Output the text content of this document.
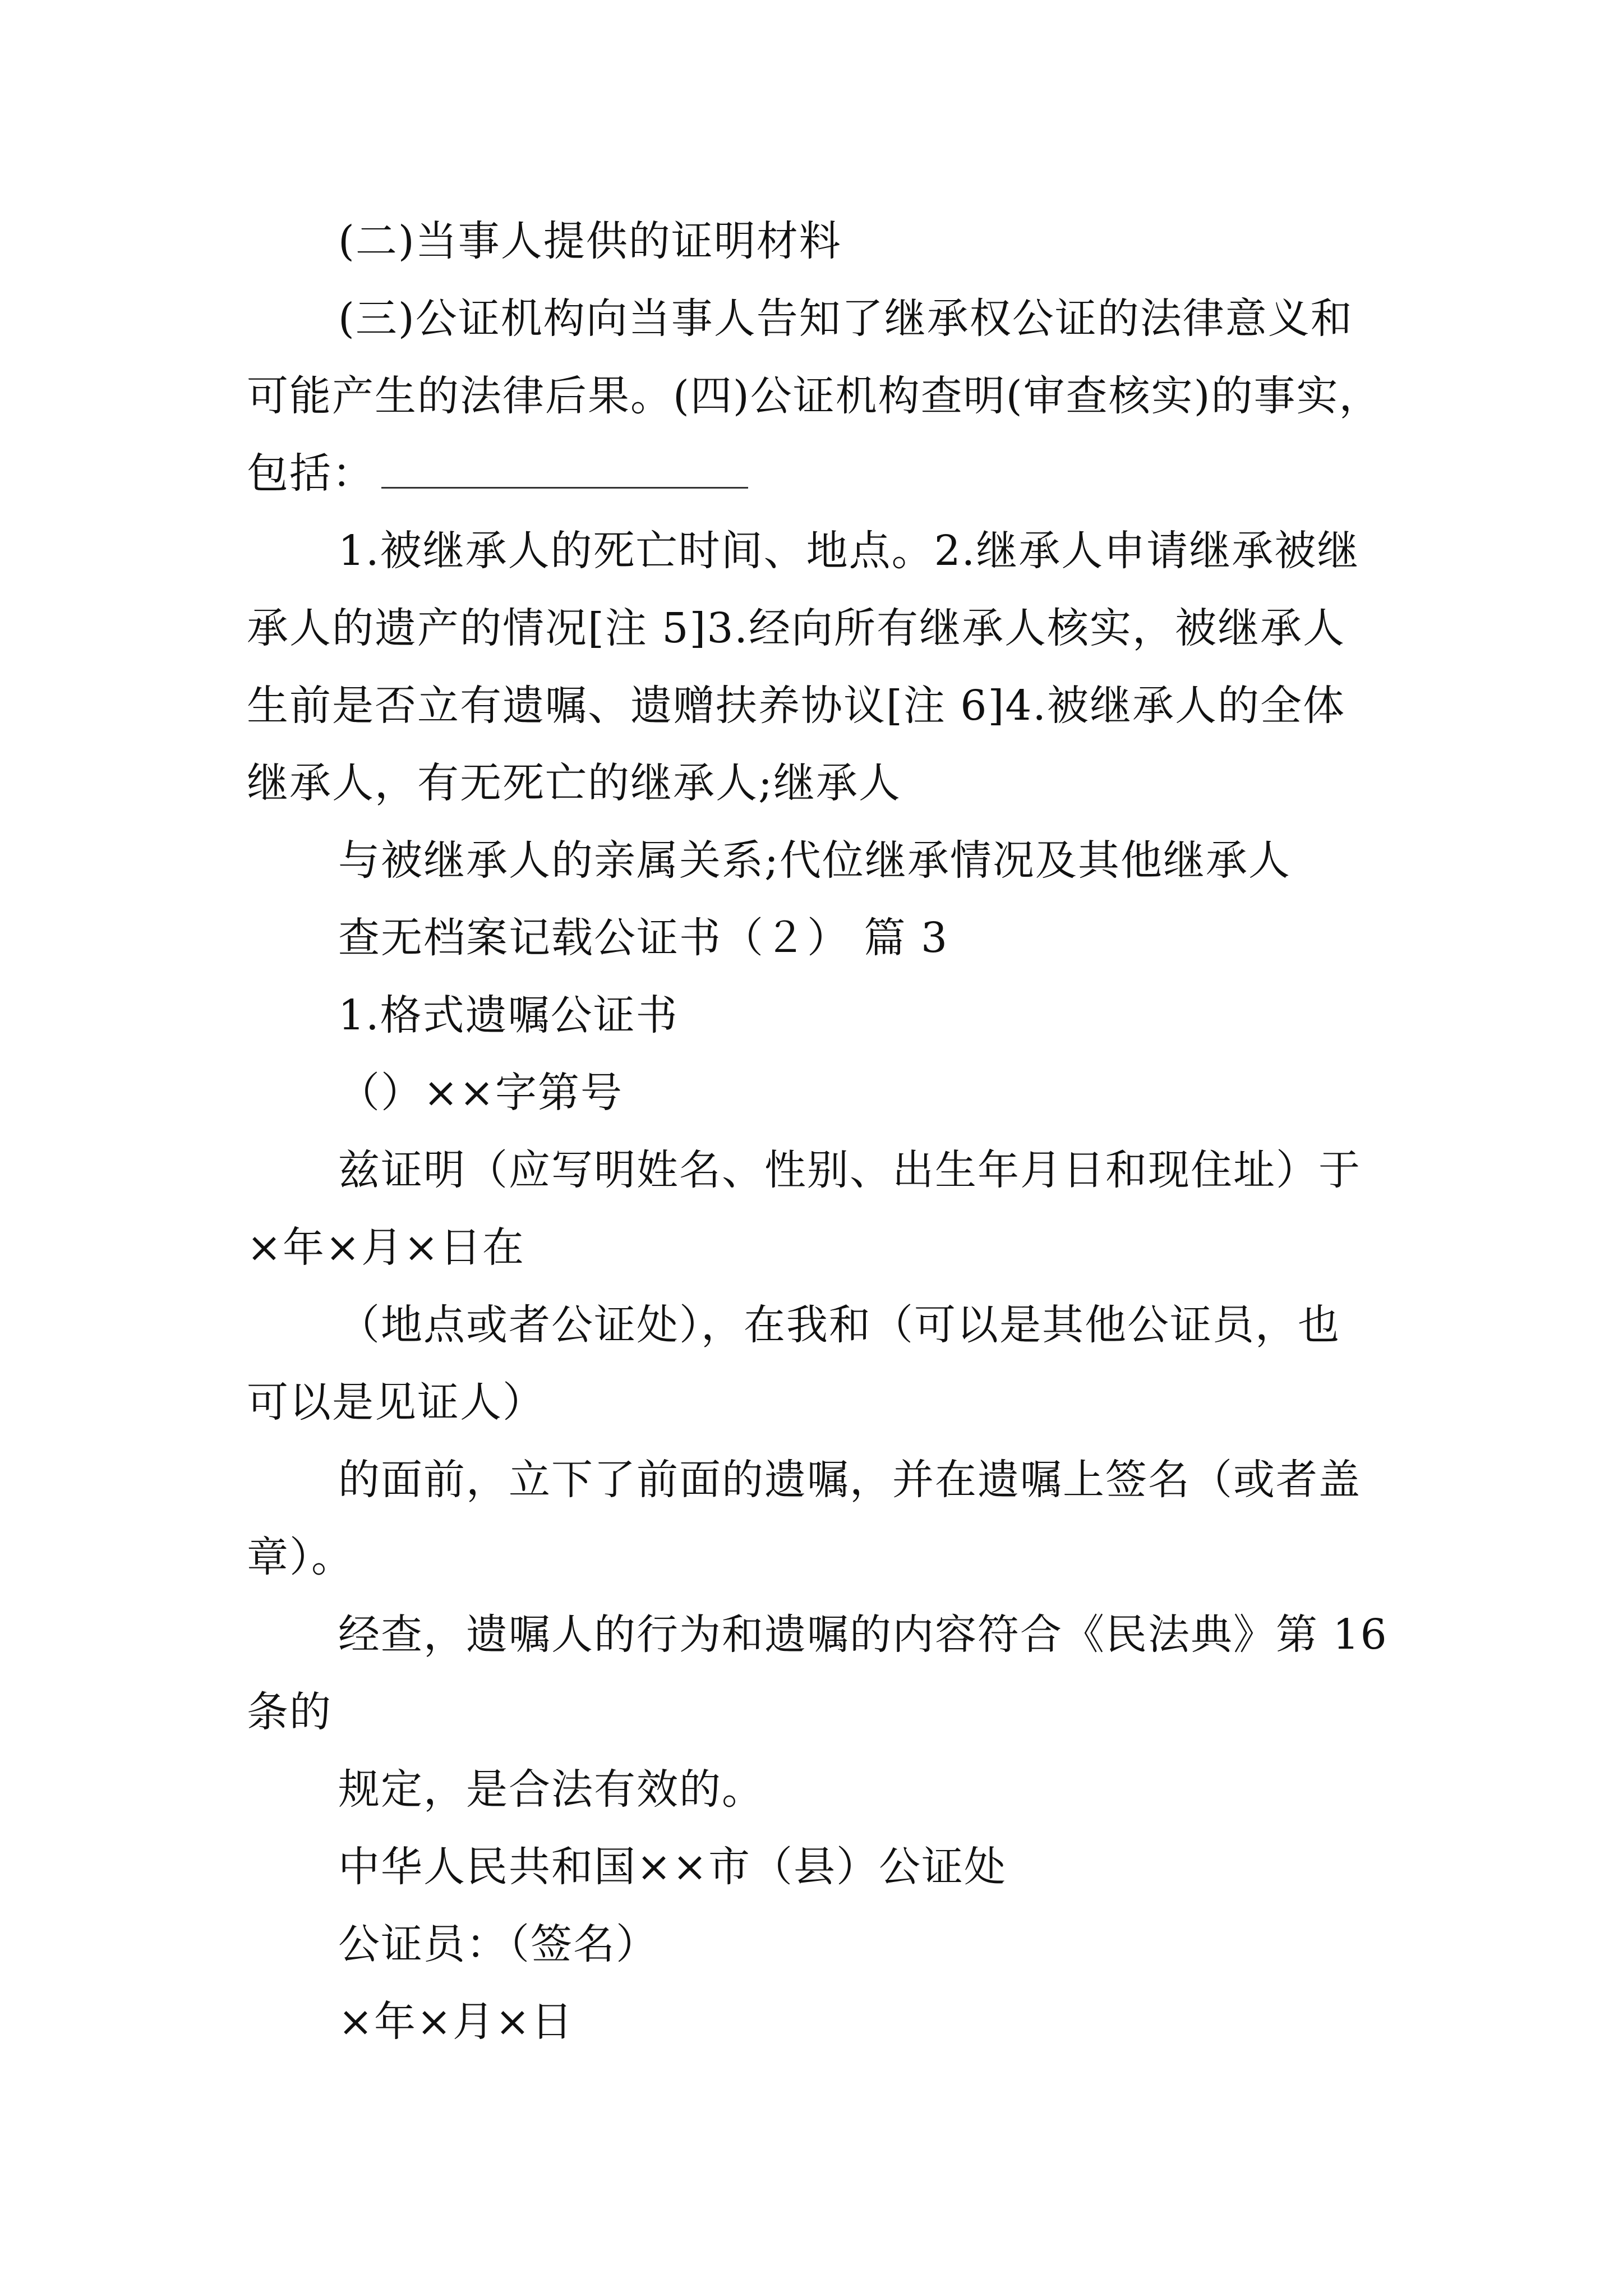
(二)当事人提供的证明材料
(三)公证机构向当事人告知了继承权公证的法律意义和
可能产生的法律后果。(四)公证机构查明(审查核实)的事实，
包括：
1.被继承人的死亡时间、地点。2.继承人申请继承被继
承人的遗产的情况[注 5]3.经向所有继承人核实，被继承人
生前是否立有遗嘱、遗赠扶养协议[注 6]4.被继承人的全体
继承人，有无死亡的继承人;继承人
与被继承人的亲属关系;代位继承情况及其他继承人
查无档案记载公证书（２） 篇 3
1.格式遗嘱公证书
（）××字第号
兹证明（应写明姓名、性别、出生年月日和现住址）于
×年×月×日在
（地点或者公证处），在我和（可以是其他公证员，也
可以是见证人）
的面前，立下了前面的遗嘱，并在遗嘱上签名（或者盖
章）。
经查，遗嘱人的行为和遗嘱的内容符合《民法典》第 16
条的
规定，是合法有效的。
中华人民共和国××市（县）公证处
公证员：（签名）
×年×月×日
